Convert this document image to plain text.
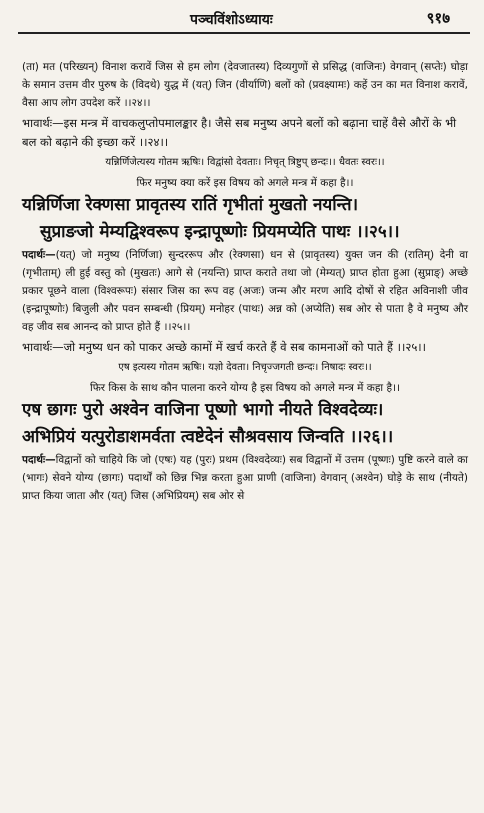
पञ्चविंशोऽध्यायः	९१७

(ता) मत (परिख्यन्) विनाश करावें जिस से हम लोग (देवजातस्य) दिव्यगुणों से प्रसिद्ध (वाजिनः) वेगवान् (सप्तेः) घोड़ा के समान उत्तम वीर पुरुष के (विदथे) युद्ध में (यत्) जिन (वीर्याणि) बलों को (प्रवक्ष्यामः) कहें उन का मत विनाश करावें, वैसा आप लोग उपदेश करें ।।२४।।

भावार्थः—इस मन्त्र में वाचकलुप्तोपमालङ्कार है। जैसे सब मनुष्य अपने बलों को बढ़ाना चाहें वैसे औरों के भी बल को बढ़ाने की इच्छा करें ।।२४।।

यन्निर्णिजेत्यस्य गोतम ऋषिः। विद्वांसो देवताः। निचृत् त्रिष्टुप् छन्दः।। धैवतः स्वरः।।

फिर मनुष्य क्या करें इस विषय को अगले मन्त्र में कहा है।।

यन्निर्णिजा रेक्णसा प्रावृतस्य रातिं गृभीतां मुखतो नयन्ति।

सुप्राङजो मेम्यद्विश्वरूप इन्द्रापूष्णोः प्रियमप्येति पाथः ।।२५।।

पदार्थः—(यत्) जो मनुष्य (निर्णिजा) सुन्दररूप और (रेक्णसा) धन से (प्रावृतस्य) युक्त जन की (रातिम्) देनी वा (गृभीताम्) ली हुई वस्तु को (मुखतः) आगे से (नयन्ति) प्राप्त कराते तथा जो (मेम्यत्) प्राप्त होता हुआ (सुप्राङ्) अच्छे प्रकार पूछने वाला (विश्वरूपः) संसार जिस का रूप वह (अजः) जन्म और मरण आदि दोषों से रहित अविनाशी जीव (इन्द्रापूष्णोः) बिजुली और पवन सम्बन्धी (प्रियम्) मनोहर (पाथः) अन्न को (अप्येति) सब ओर से पाता है वे मनुष्य और वह जीव सब आनन्द को प्राप्त होते हैं ।।२५।।

भावार्थः—जो मनुष्य धन को पाकर अच्छे कामों में खर्च करते हैं वे सब कामनाओं को पाते हैं ।।२५।।

एष इत्यस्य गोतम ऋषिः। यज्ञो देवता। निचृज्जगती छन्दः। निषादः स्वरः।।

फिर किस के साथ कौन पालना करने योग्य है इस विषय को अगले मन्त्र में कहा है।।

एष छागः पुरो अश्वेन वाजिना पूष्णो भागो नीयते विश्वदेव्यः।

अभिप्रियं यत्पुरोडाशमर्वता त्वष्टेदेनं सौश्रवसाय जिन्वति ।।२६।।

पदार्थः—विद्वानों को चाहिये कि जो (एषः) यह (पुरः) प्रथम (विश्वदेव्यः) सब विद्वानों में उत्तम (पूष्णः) पुष्टि करने वाले का (भागः) सेवने योग्य (छागः) पदार्थों को छिन्न भिन्न करता हुआ प्राणी (वाजिना) वेगवान् (अश्वेन) घोड़े के साथ (नीयते) प्राप्त किया जाता और (यत्) जिस (अभिप्रियम्) सब ओर से
